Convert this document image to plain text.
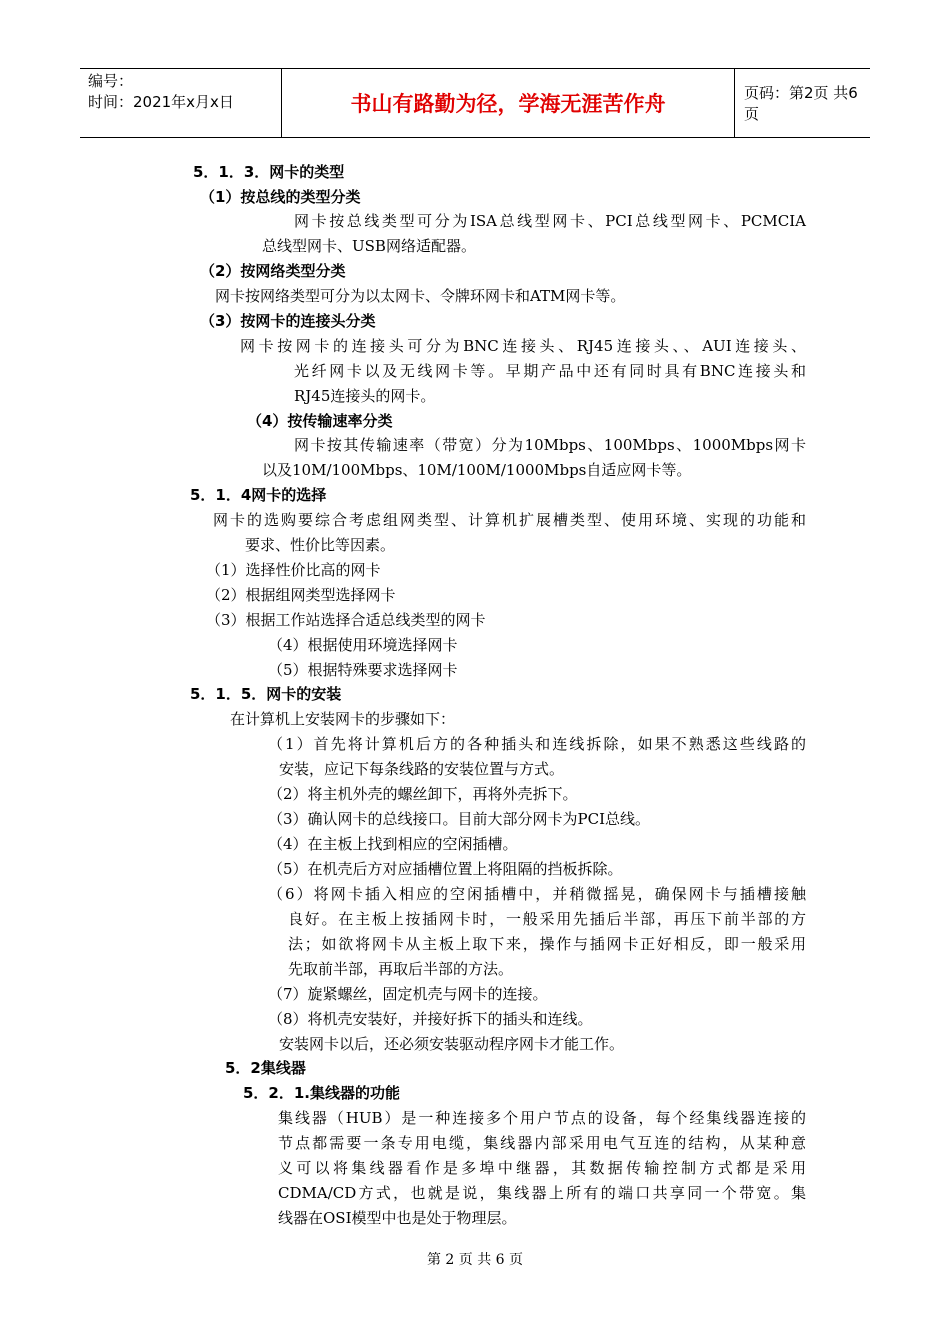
编号：
时间：2021年x月x日	书山有路勤为径，学海无涯苦作舟	页码：第2页 共6页
5．1．3．网卡的类型
（1）按总线的类型分类
网卡按总线类型可分为ISA总线型网卡、PCI总线型网卡、PCMCIA
总线型网卡、USB网络适配器。
（2）按网络类型分类
网卡按网络类型可分为以太网卡、令牌环网卡和ATM网卡等。
（3）按网卡的连接头分类
网卡按网卡的连接头可分为BNC连接头、RJ45连接头、、AUI连接头、
光纤网卡以及无线网卡等。早期产品中还有同时具有BNC连接头和
RJ45连接头的网卡。
（4）按传输速率分类
网卡按其传输速率（带宽）分为10Mbps、100Mbps、1000Mbps网卡
以及10M/100Mbps、10M/100M/1000Mbps自适应网卡等。
5．1．4网卡的选择
网卡的选购要综合考虑组网类型、计算机扩展槽类型、使用环境、实现的功能和
要求、性价比等因素。
（1）选择性价比高的网卡
（2）根据组网类型选择网卡
（3）根据工作站选择合适总线类型的网卡
（4）根据使用环境选择网卡
（5）根据特殊要求选择网卡
5．1．5．网卡的安装
在计算机上安装网卡的步骤如下：
（1）首先将计算机后方的各种插头和连线拆除，如果不熟悉这些线路的
安装，应记下每条线路的安装位置与方式。
（2）将主机外壳的螺丝卸下，再将外壳拆下。
（3）确认网卡的总线接口。目前大部分网卡为PCI总线。
（4）在主板上找到相应的空闲插槽。
（5）在机壳后方对应插槽位置上将阻隔的挡板拆除。
（6）将网卡插入相应的空闲插槽中，并稍微摇晃，确保网卡与插槽接触
良好。在主板上按插网卡时，一般采用先插后半部，再压下前半部的方
法；如欲将网卡从主板上取下来，操作与插网卡正好相反，即一般采用
先取前半部，再取后半部的方法。
（7）旋紧螺丝，固定机壳与网卡的连接。
（8）将机壳安装好，并接好拆下的插头和连线。
安装网卡以后，还必须安装驱动程序网卡才能工作。
5．2集线器
5．2．1.集线器的功能
集线器（HUB）是一种连接多个用户节点的设备，每个经集线器连接的
节点都需要一条专用电缆，集线器内部采用电气互连的结构，从某种意
义可以将集线器看作是多埠中继器，其数据传输控制方式都是采用
CDMA/CD方式，也就是说，集线器上所有的端口共享同一个带宽。集
线器在OSI模型中也是处于物理层。
第 2 页 共 6 页
